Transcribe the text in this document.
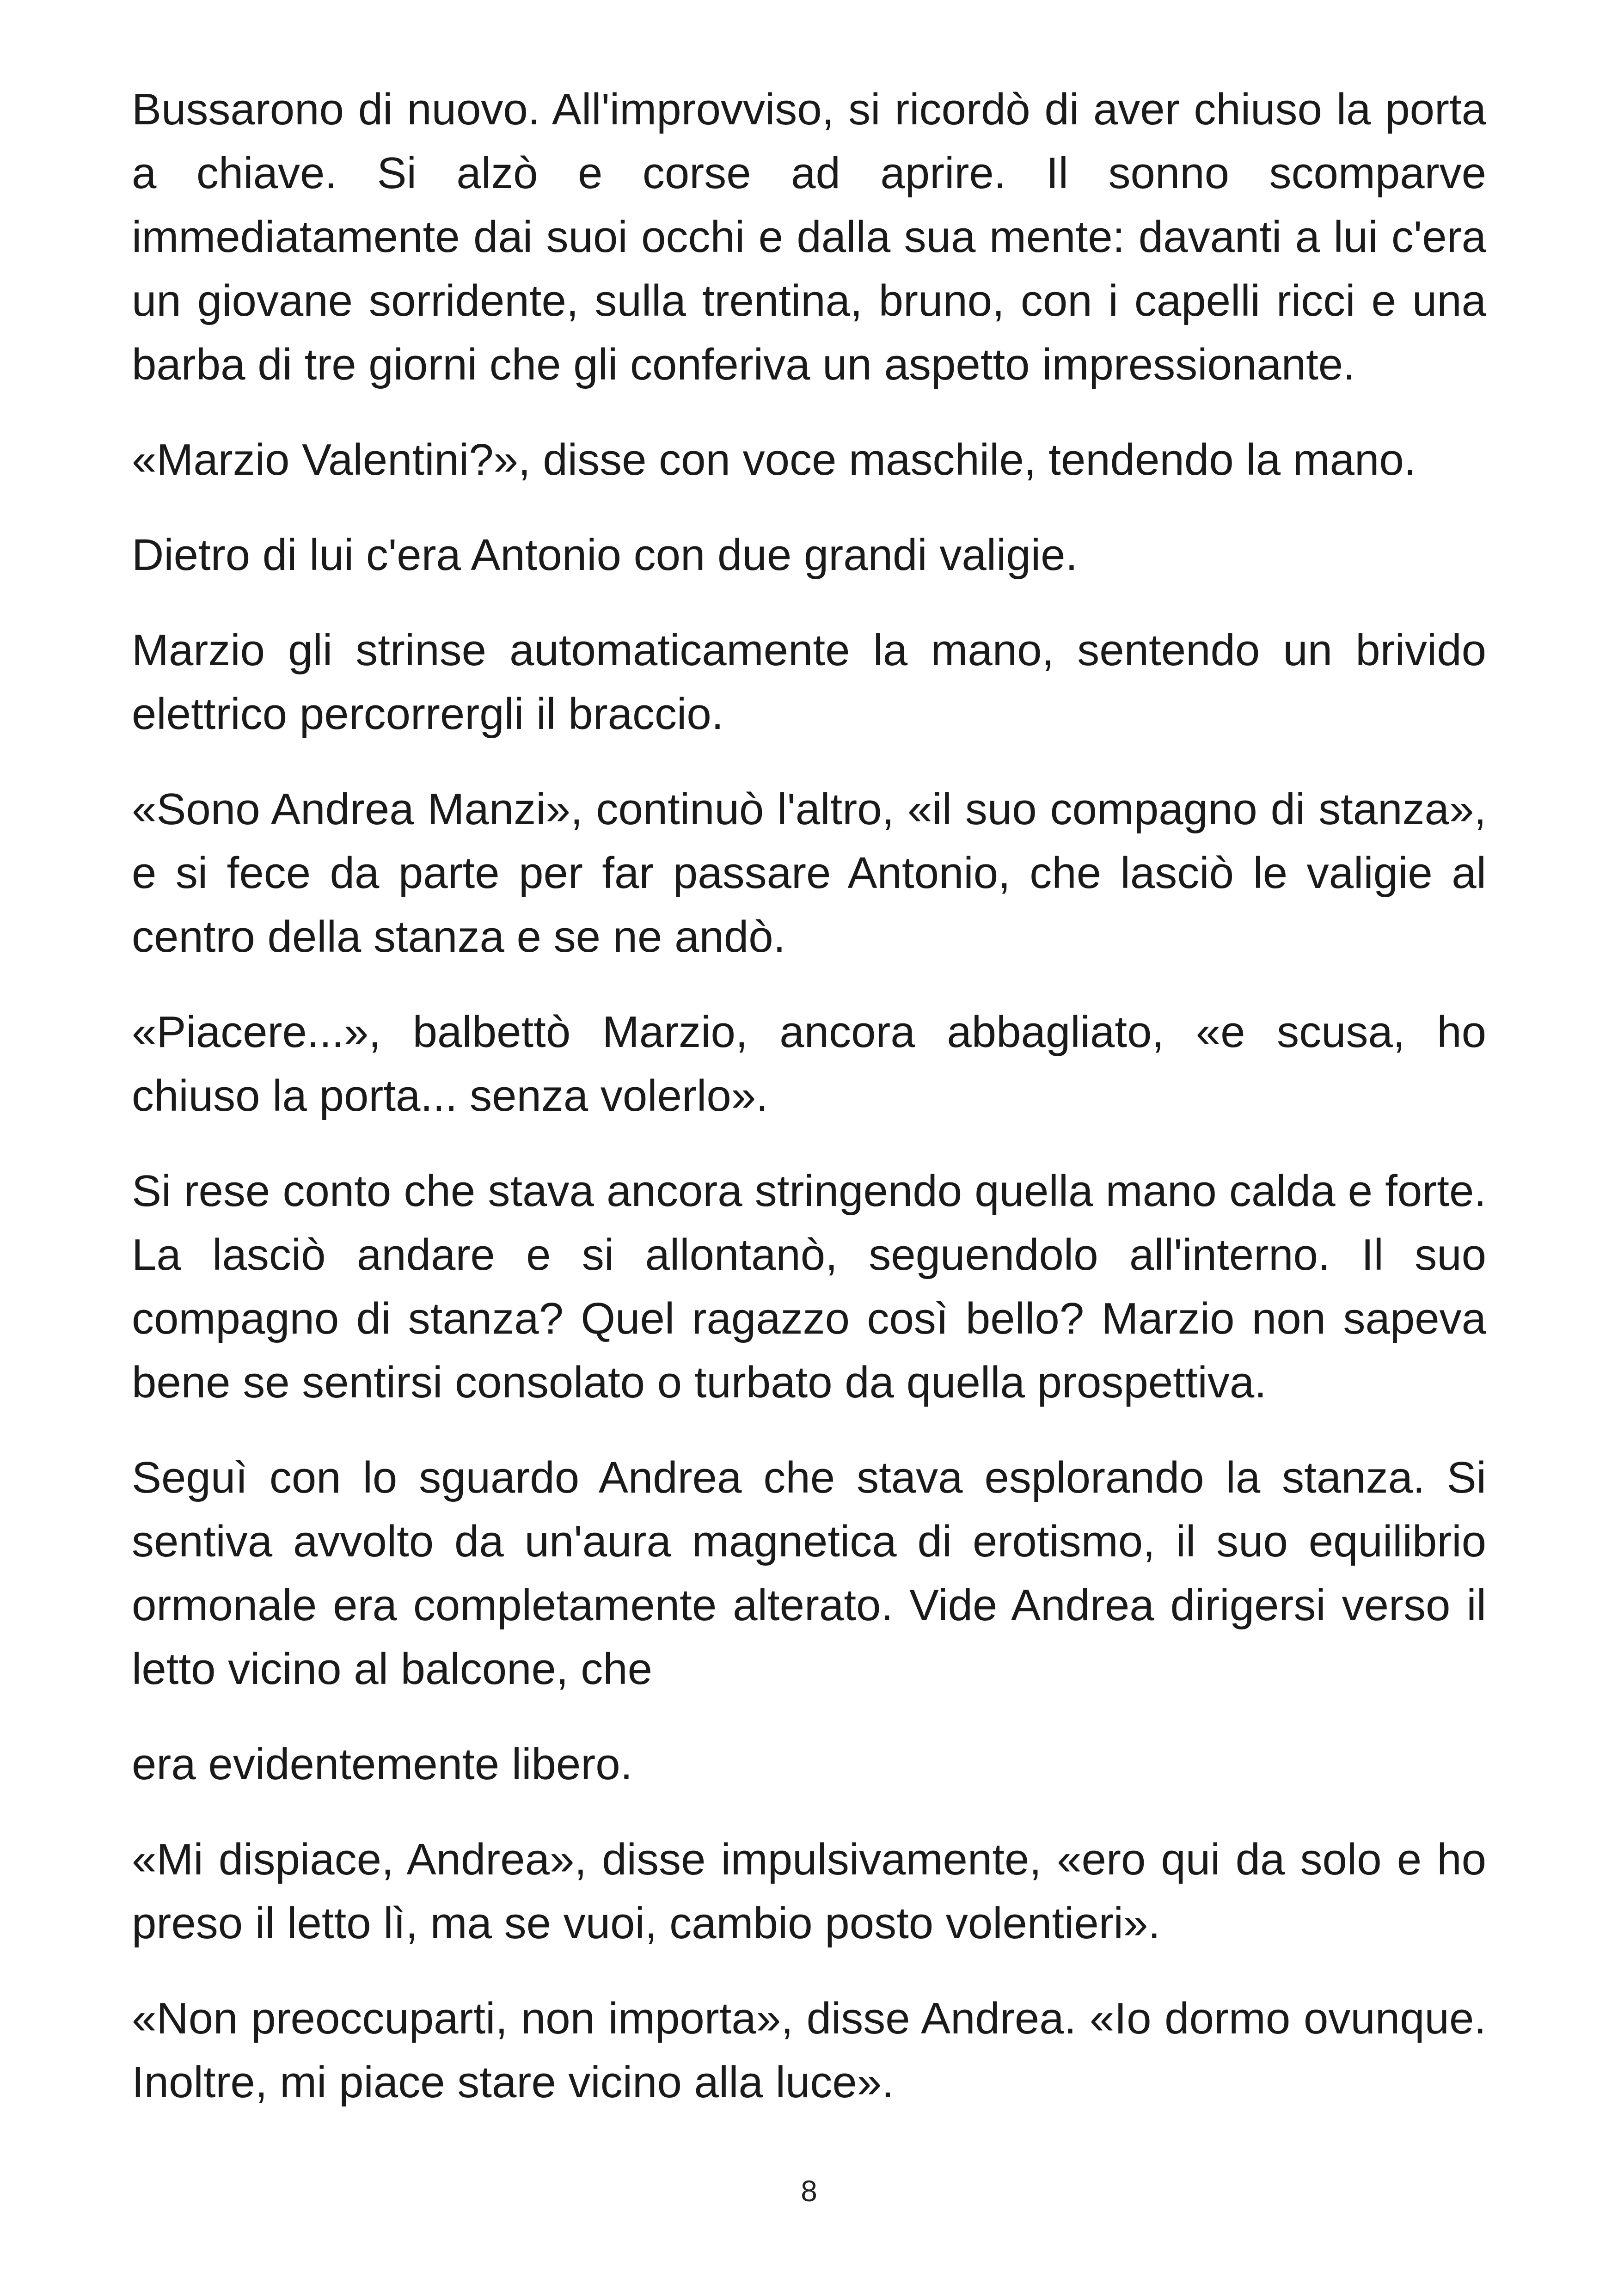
Bussarono di nuovo. All'improvviso, si ricordò di aver chiuso la porta a chiave. Si alzò e corse ad aprire. Il sonno scomparve immediatamente dai suoi occhi e dalla sua mente: davanti a lui c'era un giovane sorridente, sulla trentina, bruno, con i capelli ricci e una barba di tre giorni che gli conferiva un aspetto impressionante.

«Marzio Valentini?», disse con voce maschile, tendendo la mano.

Dietro di lui c'era Antonio con due grandi valigie.

Marzio gli strinse automaticamente la mano, sentendo un brivido elettrico percorrergli il braccio.

«Sono Andrea Manzi», continuò l'altro, «il suo compagno di stanza», e si fece da parte per far passare Antonio, che lasciò le valigie al centro della stanza e se ne andò.

«Piacere...», balbettò Marzio, ancora abbagliato, «e scusa, ho chiuso la porta... senza volerlo».

Si rese conto che stava ancora stringendo quella mano calda e forte. La lasciò andare e si allontanò, seguendolo all'interno. Il suo compagno di stanza? Quel ragazzo così bello? Marzio non sapeva bene se sentirsi consolato o turbato da quella prospettiva.

Seguì con lo sguardo Andrea che stava esplorando la stanza. Si sentiva avvolto da un'aura magnetica di erotismo, il suo equilibrio ormonale era completamente alterato. Vide Andrea dirigersi verso il letto vicino al balcone, che

era evidentemente libero.

«Mi dispiace, Andrea», disse impulsivamente, «ero qui da solo e ho preso il letto lì, ma se vuoi, cambio posto volentieri».

«Non preoccuparti, non importa», disse Andrea. «Io dormo ovunque. Inoltre, mi piace stare vicino alla luce».

8
